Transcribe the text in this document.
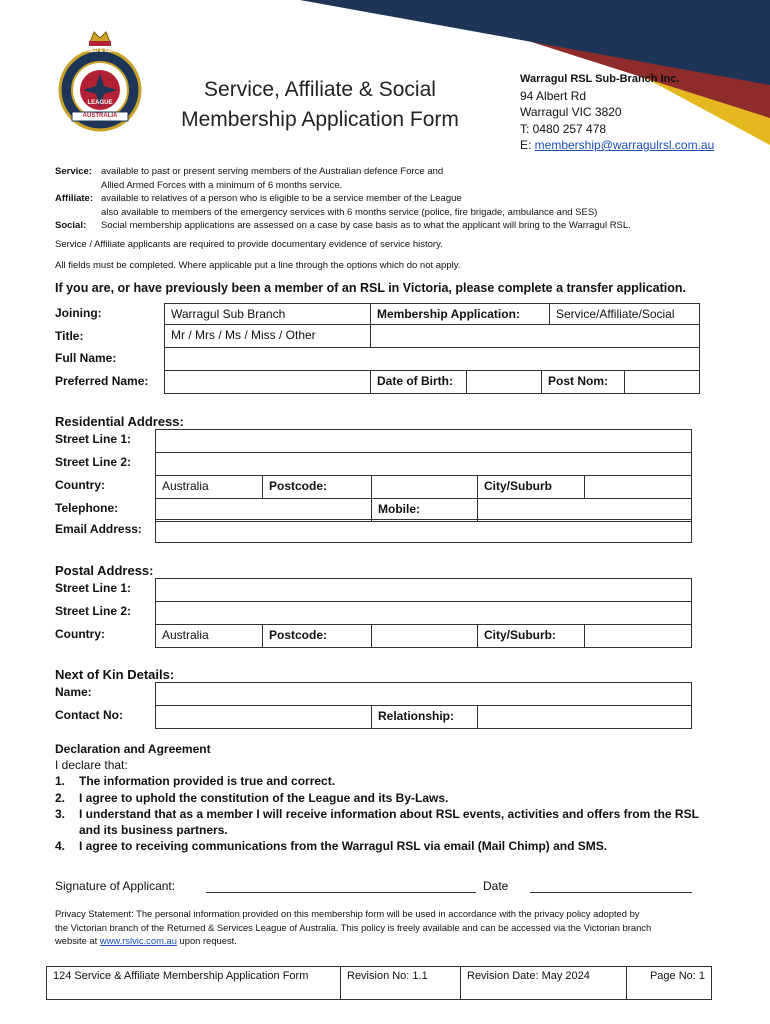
RETURNED & SERVICES
LEAGUE
AUSTRALIA
Service, Affiliate & Social
Membership Application Form
Warragul RSL Sub-Branch Inc.
94 Albert Rd
Warragul VIC 3820
T: 0480 257 478
E: membership@warragulrsl.com.au
Service: available to past or present serving members of the Australian defence Force and
Allied Armed Forces with a minimum of 6 months service.
Affiliate: available to relatives of a person who is eligible to be a service member of the League
also available to members of the emergency services with 6 months service (police, fire brigade, ambulance and SES)
Social: Social membership applications are assessed on a case by case basis as to what the applicant will bring to the Warragul RSL.
Service / Affiliate applicants are required to provide documentary evidence of service history.
All fields must be completed. Where applicable put a line through the options which do not apply.
If you are, or have previously been a member of an RSL in Victoria, please complete a transfer application.
Joining:	Warragul Sub Branch	Membership Application:	Service/Affiliate/Social
Title:	Mr / Mrs / Ms / Miss / Other
Full Name:
Preferred Name:	Date of Birth:	Post Nom:
Residential Address:
Street Line 1:
Street Line 2:
Country:	Australia	Postcode:	City/Suburb
Telephone:	Mobile:
Email Address:
Postal Address:
Street Line 1:
Street Line 2:
Country:	Australia	Postcode:	City/Suburb:
Next of Kin Details:
Name:
Contact No:	Relationship:
Declaration and Agreement
I declare that:
1. The information provided is true and correct.
2. I agree to uphold the constitution of the League and its By-Laws.
3. I understand that as a member I will receive information about RSL events, activities and offers from the RSL
and its business partners.
4. I agree to receiving communications from the Warragul RSL via email (Mail Chimp) and SMS.
Signature of Applicant:	Date
Privacy Statement: The personal information provided on this membership form will be used in accordance with the privacy policy adopted by
the Victorian branch of the Returned & Services League of Australia. This policy is freely available and can be accessed via the Victorian branch
website at www.rslvic.com.au upon request.
124 Service & Affiliate Membership Application Form	Revision No: 1.1	Revision Date: May 2024	Page No: 1
